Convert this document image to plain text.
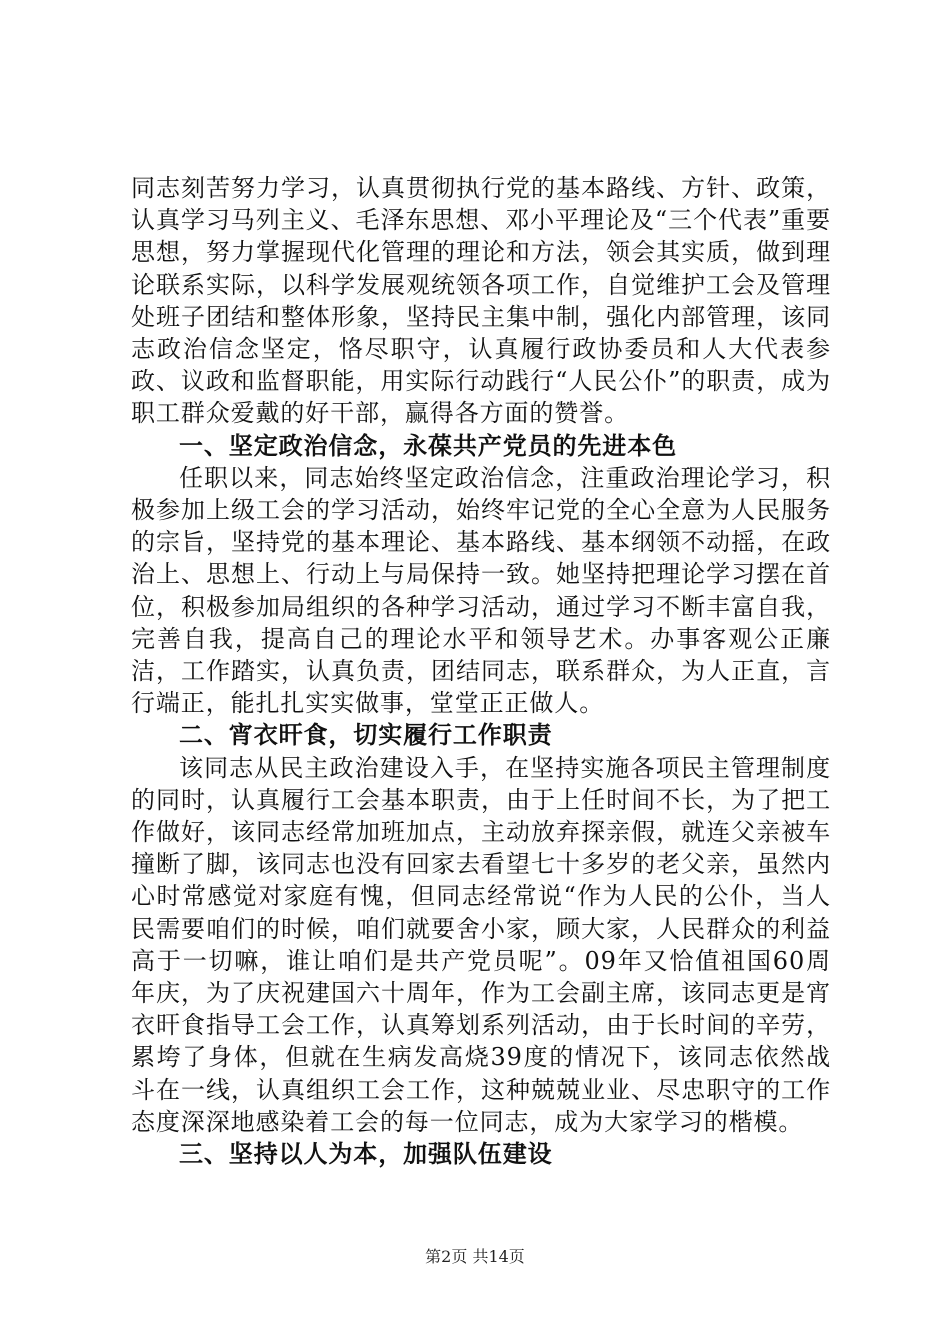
同志刻苦努力学习，认真贯彻执行党的基本路线、方针、政策，认真学习马列主义、毛泽东思想、邓小平理论及“三个代表”重要思想，努力掌握现代化管理的理论和方法，领会其实质，做到理论联系实际，以科学发展观统领各项工作，自觉维护工会及管理处班子团结和整体形象，坚持民主集中制，强化内部管理，该同志政治信念坚定，恪尽职守，认真履行政协委员和人大代表参政、议政和监督职能，用实际行动践行“人民公仆”的职责，成为职工群众爱戴的好干部，赢得各方面的赞誉。

一、坚定政治信念，永葆共产党员的先进本色

任职以来，同志始终坚定政治信念，注重政治理论学习，积极参加上级工会的学习活动，始终牢记党的全心全意为人民服务的宗旨，坚持党的基本理论、基本路线、基本纲领不动摇，在政治上、思想上、行动上与局保持一致。她坚持把理论学习摆在首位，积极参加局组织的各种学习活动，通过学习不断丰富自我，完善自我，提高自己的理论水平和领导艺术。办事客观公正廉洁，工作踏实，认真负责，团结同志，联系群众，为人正直，言行端正，能扎扎实实做事，堂堂正正做人。

二、宵衣旰食，切实履行工作职责

该同志从民主政治建设入手，在坚持实施各项民主管理制度的同时，认真履行工会基本职责，由于上任时间不长，为了把工作做好，该同志经常加班加点，主动放弃探亲假，就连父亲被车撞断了脚，该同志也没有回家去看望七十多岁的老父亲，虽然内心时常感觉对家庭有愧，但同志经常说“作为人民的公仆，当人民需要咱们的时候，咱们就要舍小家，顾大家，人民群众的利益高于一切嘛，谁让咱们是共产党员呢”。09年又恰值祖国60周年庆，为了庆祝建国六十周年，作为工会副主席，该同志更是宵衣旰食指导工会工作，认真筹划系列活动，由于长时间的辛劳，累垮了身体，但就在生病发高烧39度的情况下，该同志依然战斗在一线，认真组织工会工作，这种兢兢业业、尽忠职守的工作态度深深地感染着工会的每一位同志，成为大家学习的楷模。

三、坚持以人为本，加强队伍建设

第2页 共14页
